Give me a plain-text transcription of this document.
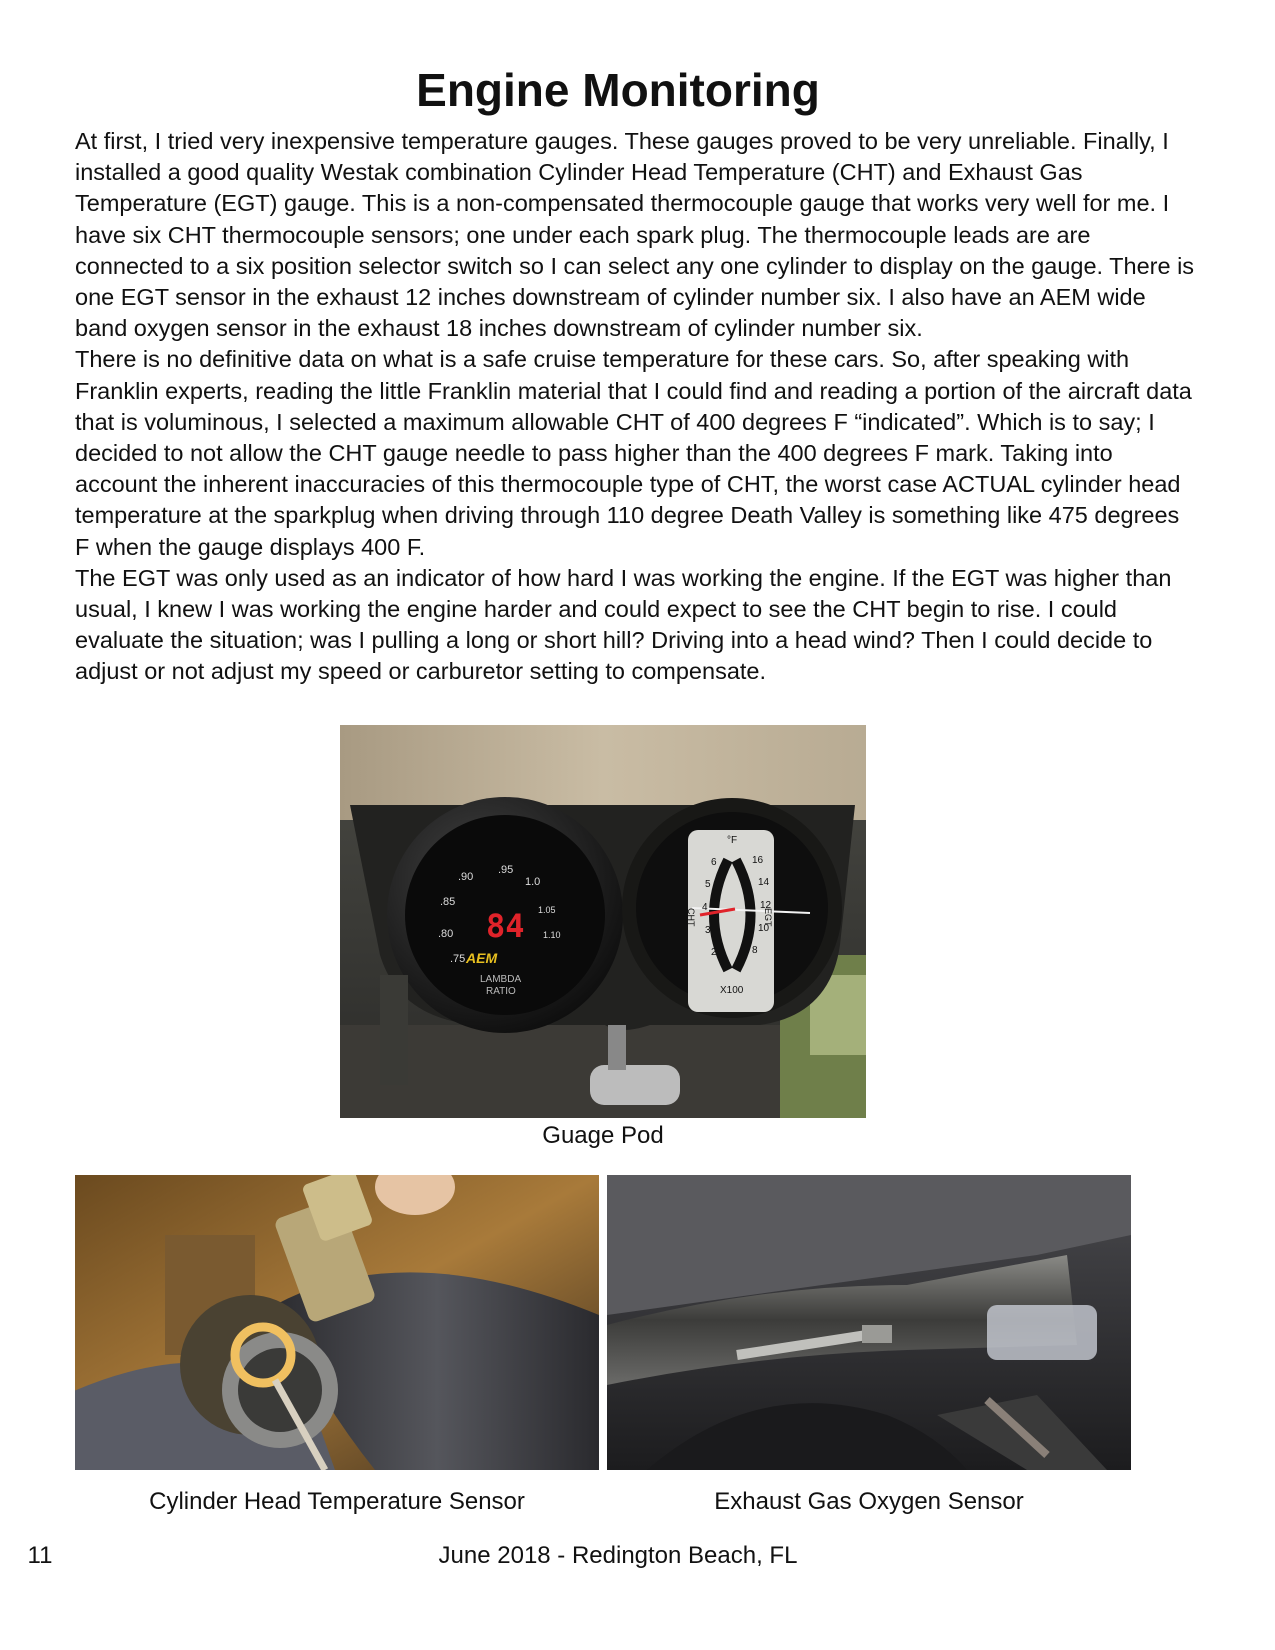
Engine Monitoring

At first, I tried very inexpensive temperature gauges. These gauges proved to be very unreliable. Finally, I installed a good quality Westak combination Cylinder Head Temperature (CHT) and Exhaust Gas Temperature (EGT) gauge. This is a non-compensated thermocouple gauge that works very well for me. I have six CHT thermocouple sensors; one under each spark plug. The thermocouple leads are are connected to a six position selector switch so I can select any one cylinder to display on the gauge. There is one EGT sensor in the exhaust 12 inches downstream of cylinder number six. I also have an AEM wide band oxygen sensor in the exhaust 18 inches downstream of cylinder number six.

There is no definitive data on what is a safe cruise temperature for these cars. So, after speaking with Franklin experts, reading the little Franklin material that I could find and reading a portion of the aircraft data that is voluminous, I selected a maximum allowable CHT of 400 degrees F “indicated”. Which is to say; I decided to not allow the CHT gauge needle to pass higher than the 400 degrees F mark. Taking into account the inherent inaccuracies of this thermocouple type of CHT, the worst case ACTUAL cylinder head temperature at the sparkplug when driving through 110 degree Death Valley is something like 475 degrees F when the gauge displays 400 F.

The EGT was only used as an indicator of how hard I was working the engine. If the EGT was higher than usual, I knew I was working the engine harder and could expect to see the CHT begin to rise. I could evaluate the situation; was I pulling a long or short hill? Driving into a head wind? Then I could decide to adjust or not adjust my speed or carburetor setting to compensate.

.90
.95
1.0
.85
1.05
.80	1.10
.75
84
AEM
LAMBDA
RATIO
°F
6
5
4
3
2
16
14
12
10
8
CHT	EGT
X100
Guage Pod
Cylinder Head Temperature Sensor	Exhaust Gas Oxygen Sensor
11	June 2018 - Redington Beach, FL
